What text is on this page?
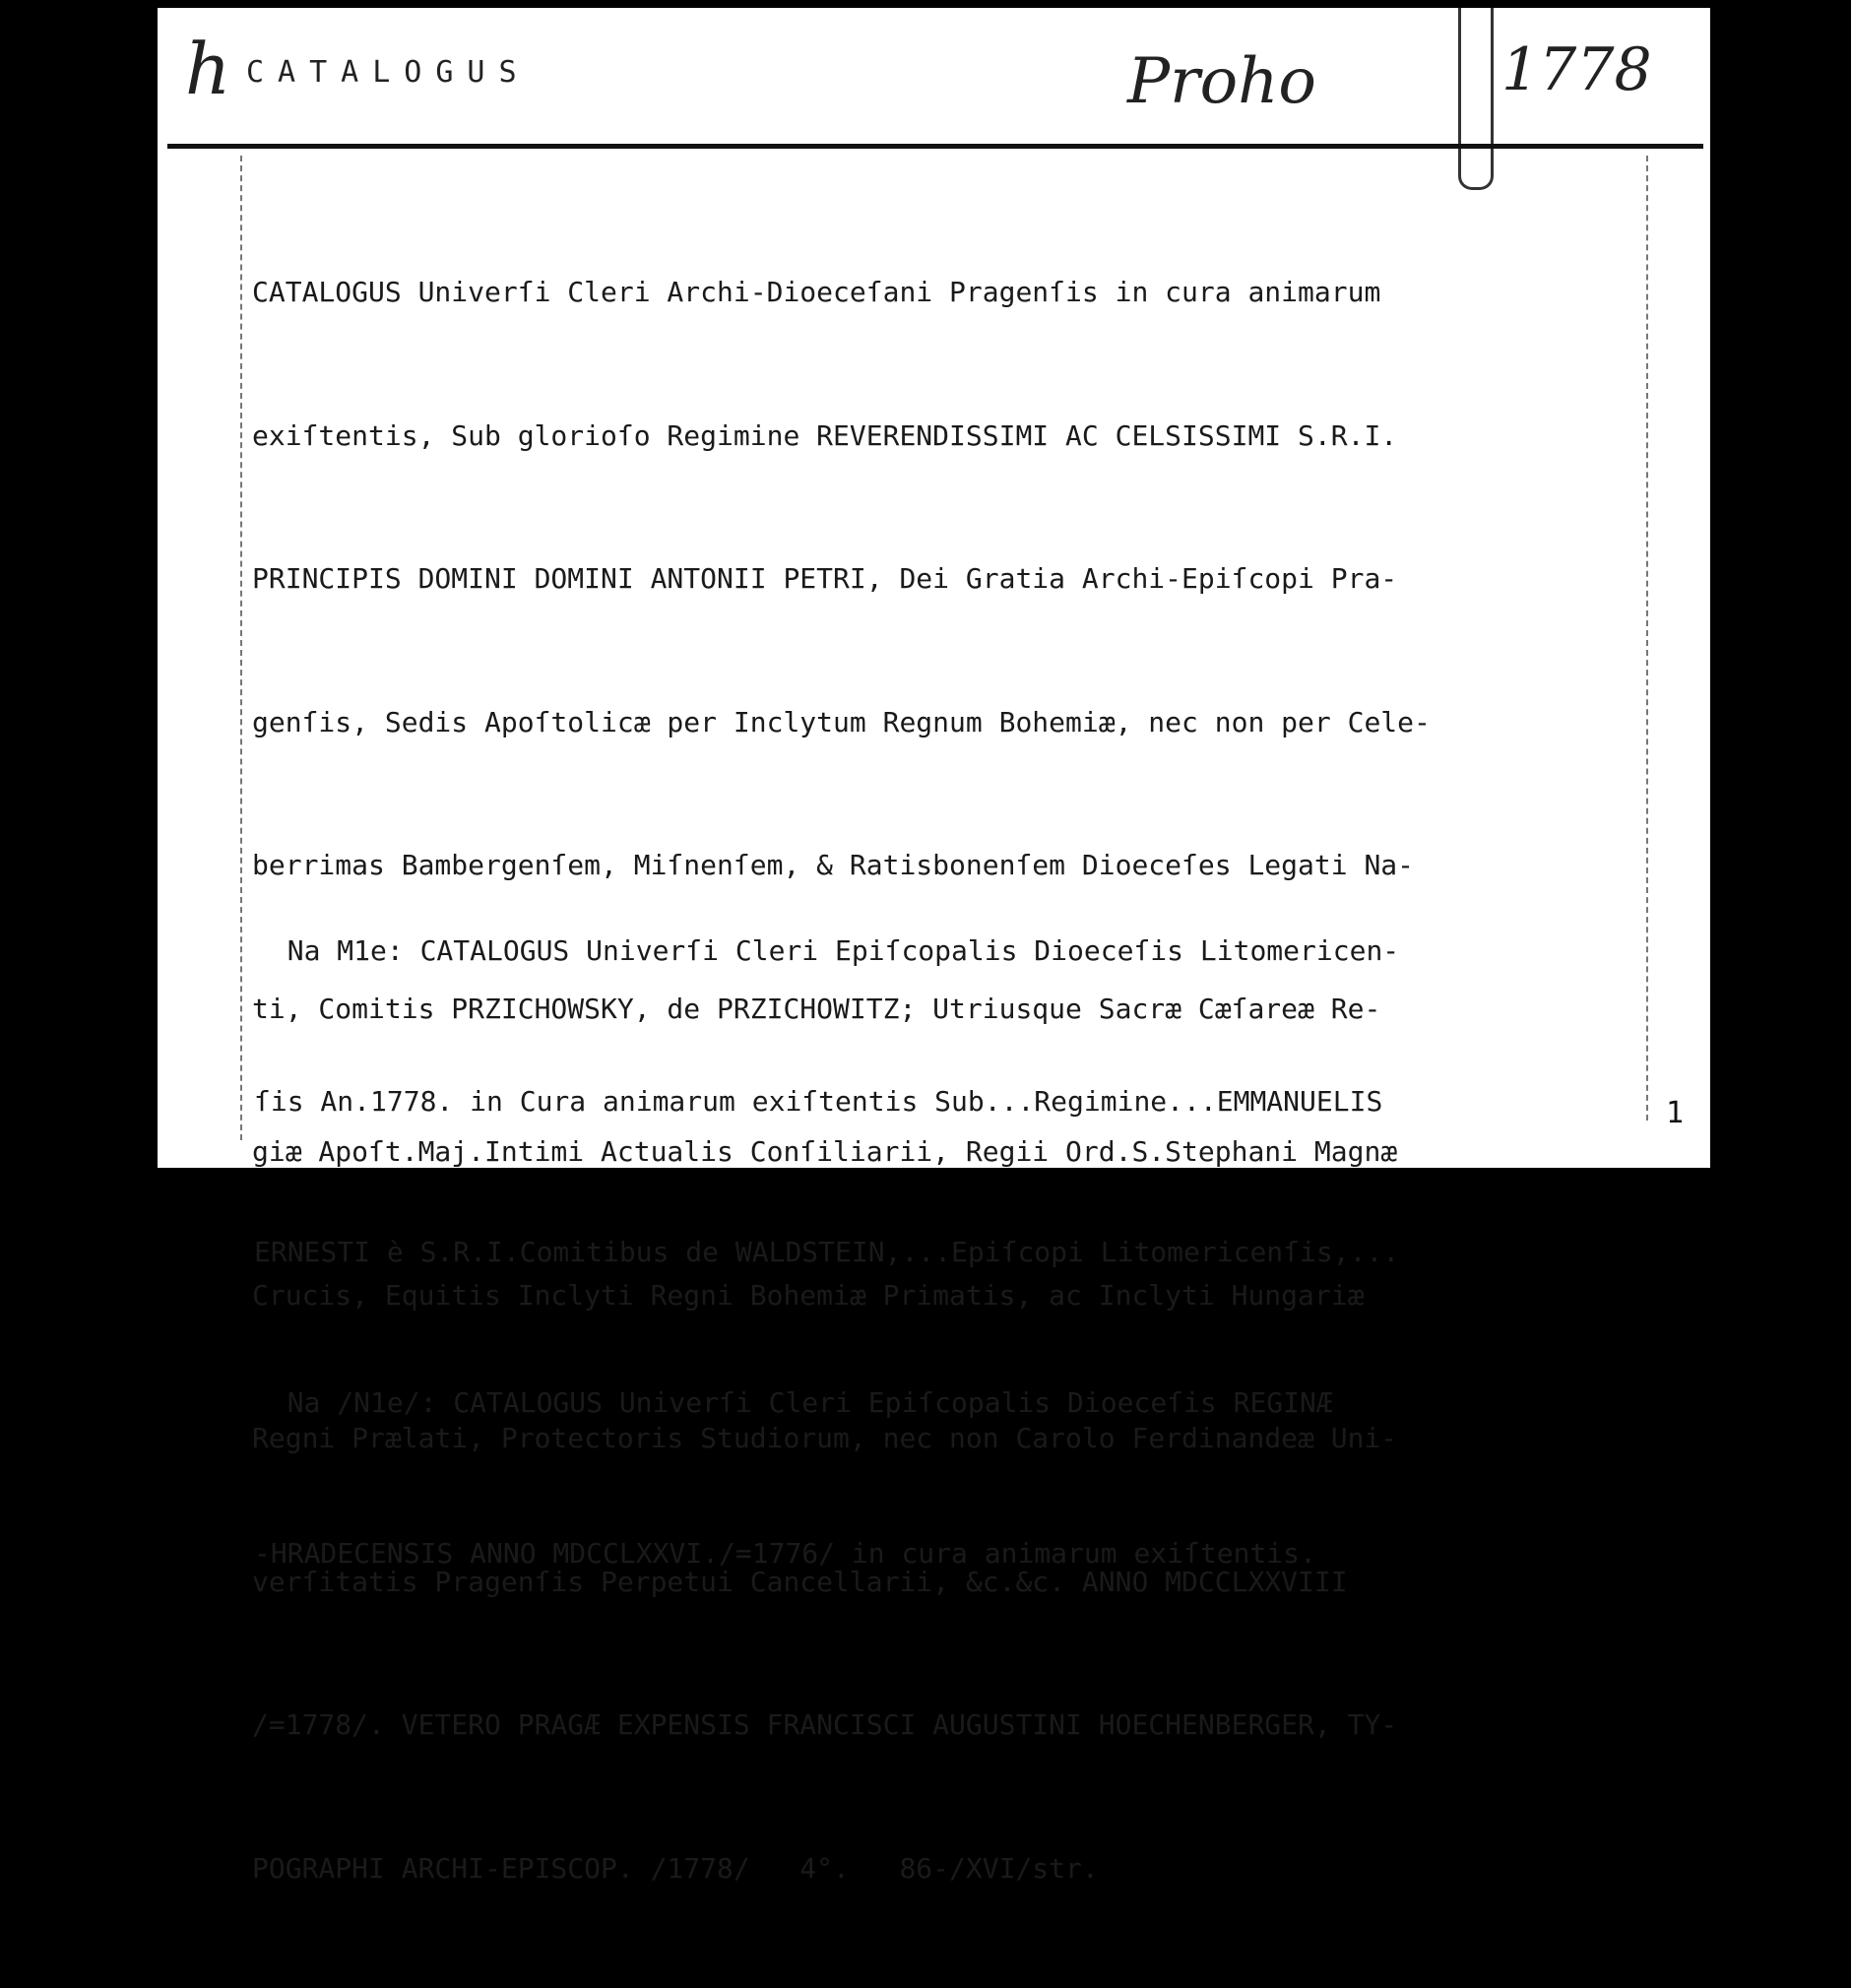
h CATALOGUS	Proho	1778

CATALOGUS Univerſi Cleri Archi-Dioeceſani Pragenſis in cura animarum

exiſtentis, Sub glorioſo Regimine REVERENDISSIMI AC CELSISSIMI S.R.I.

PRINCIPIS DOMINI DOMINI ANTONII PETRI, Dei Gratia Archi-Epiſcopi Pra-

genſis, Sedis Apoſtolicæ per Inclytum Regnum Bohemiæ, nec non per Cele-

berrimas Bambergenſem, Miſnenſem, & Ratisbonenſem Dioeceſes Legati Na-

ti, Comitis PRZICHOWSKY, de PRZICHOWITZ; Utriusque Sacræ Cæſareæ Re-

giæ Apoſt.Maj.Intimi Actualis Conſiliarii, Regii Ord.S.Stephani Magnæ

Crucis, Equitis Inclyti Regni Bohemiæ Primatis, ac Inclyti Hungariæ

Regni Prælati, Protectoris Studiorum, nec non Carolo Ferdinandeæ Uni-

verſitatis Pragenſis Perpetui Cancellarii, &c.&c. ANNO MDCCLXXVIII

/=1778/. VETERO PRAGÆ EXPENSIS FRANCISCI AUGUSTINI HOECHENBERGER, TY-

POGRAPHI ARCHI-EPISCOP. /1778/   4°.   86-/XVI/str.

Na M1e: CATALOGUS Univerſi Cleri Epiſcopalis Dioeceſis Litomericen-

ſis An.1778. in Cura animarum exiſtentis Sub...Regimine...EMMANUELIS

ERNESTI è S.R.I.Comitibus de WALDSTEIN,...Epiſcopi Litomericenſis,...

Na /N1e/: CATALOGUS Univerſi Cleri Epiſcopalis Dioeceſis REGINÆ

-HRADECENSIS ANNO MDCCLXXVI./=1776/ in cura animarum exiſtentis.

1
